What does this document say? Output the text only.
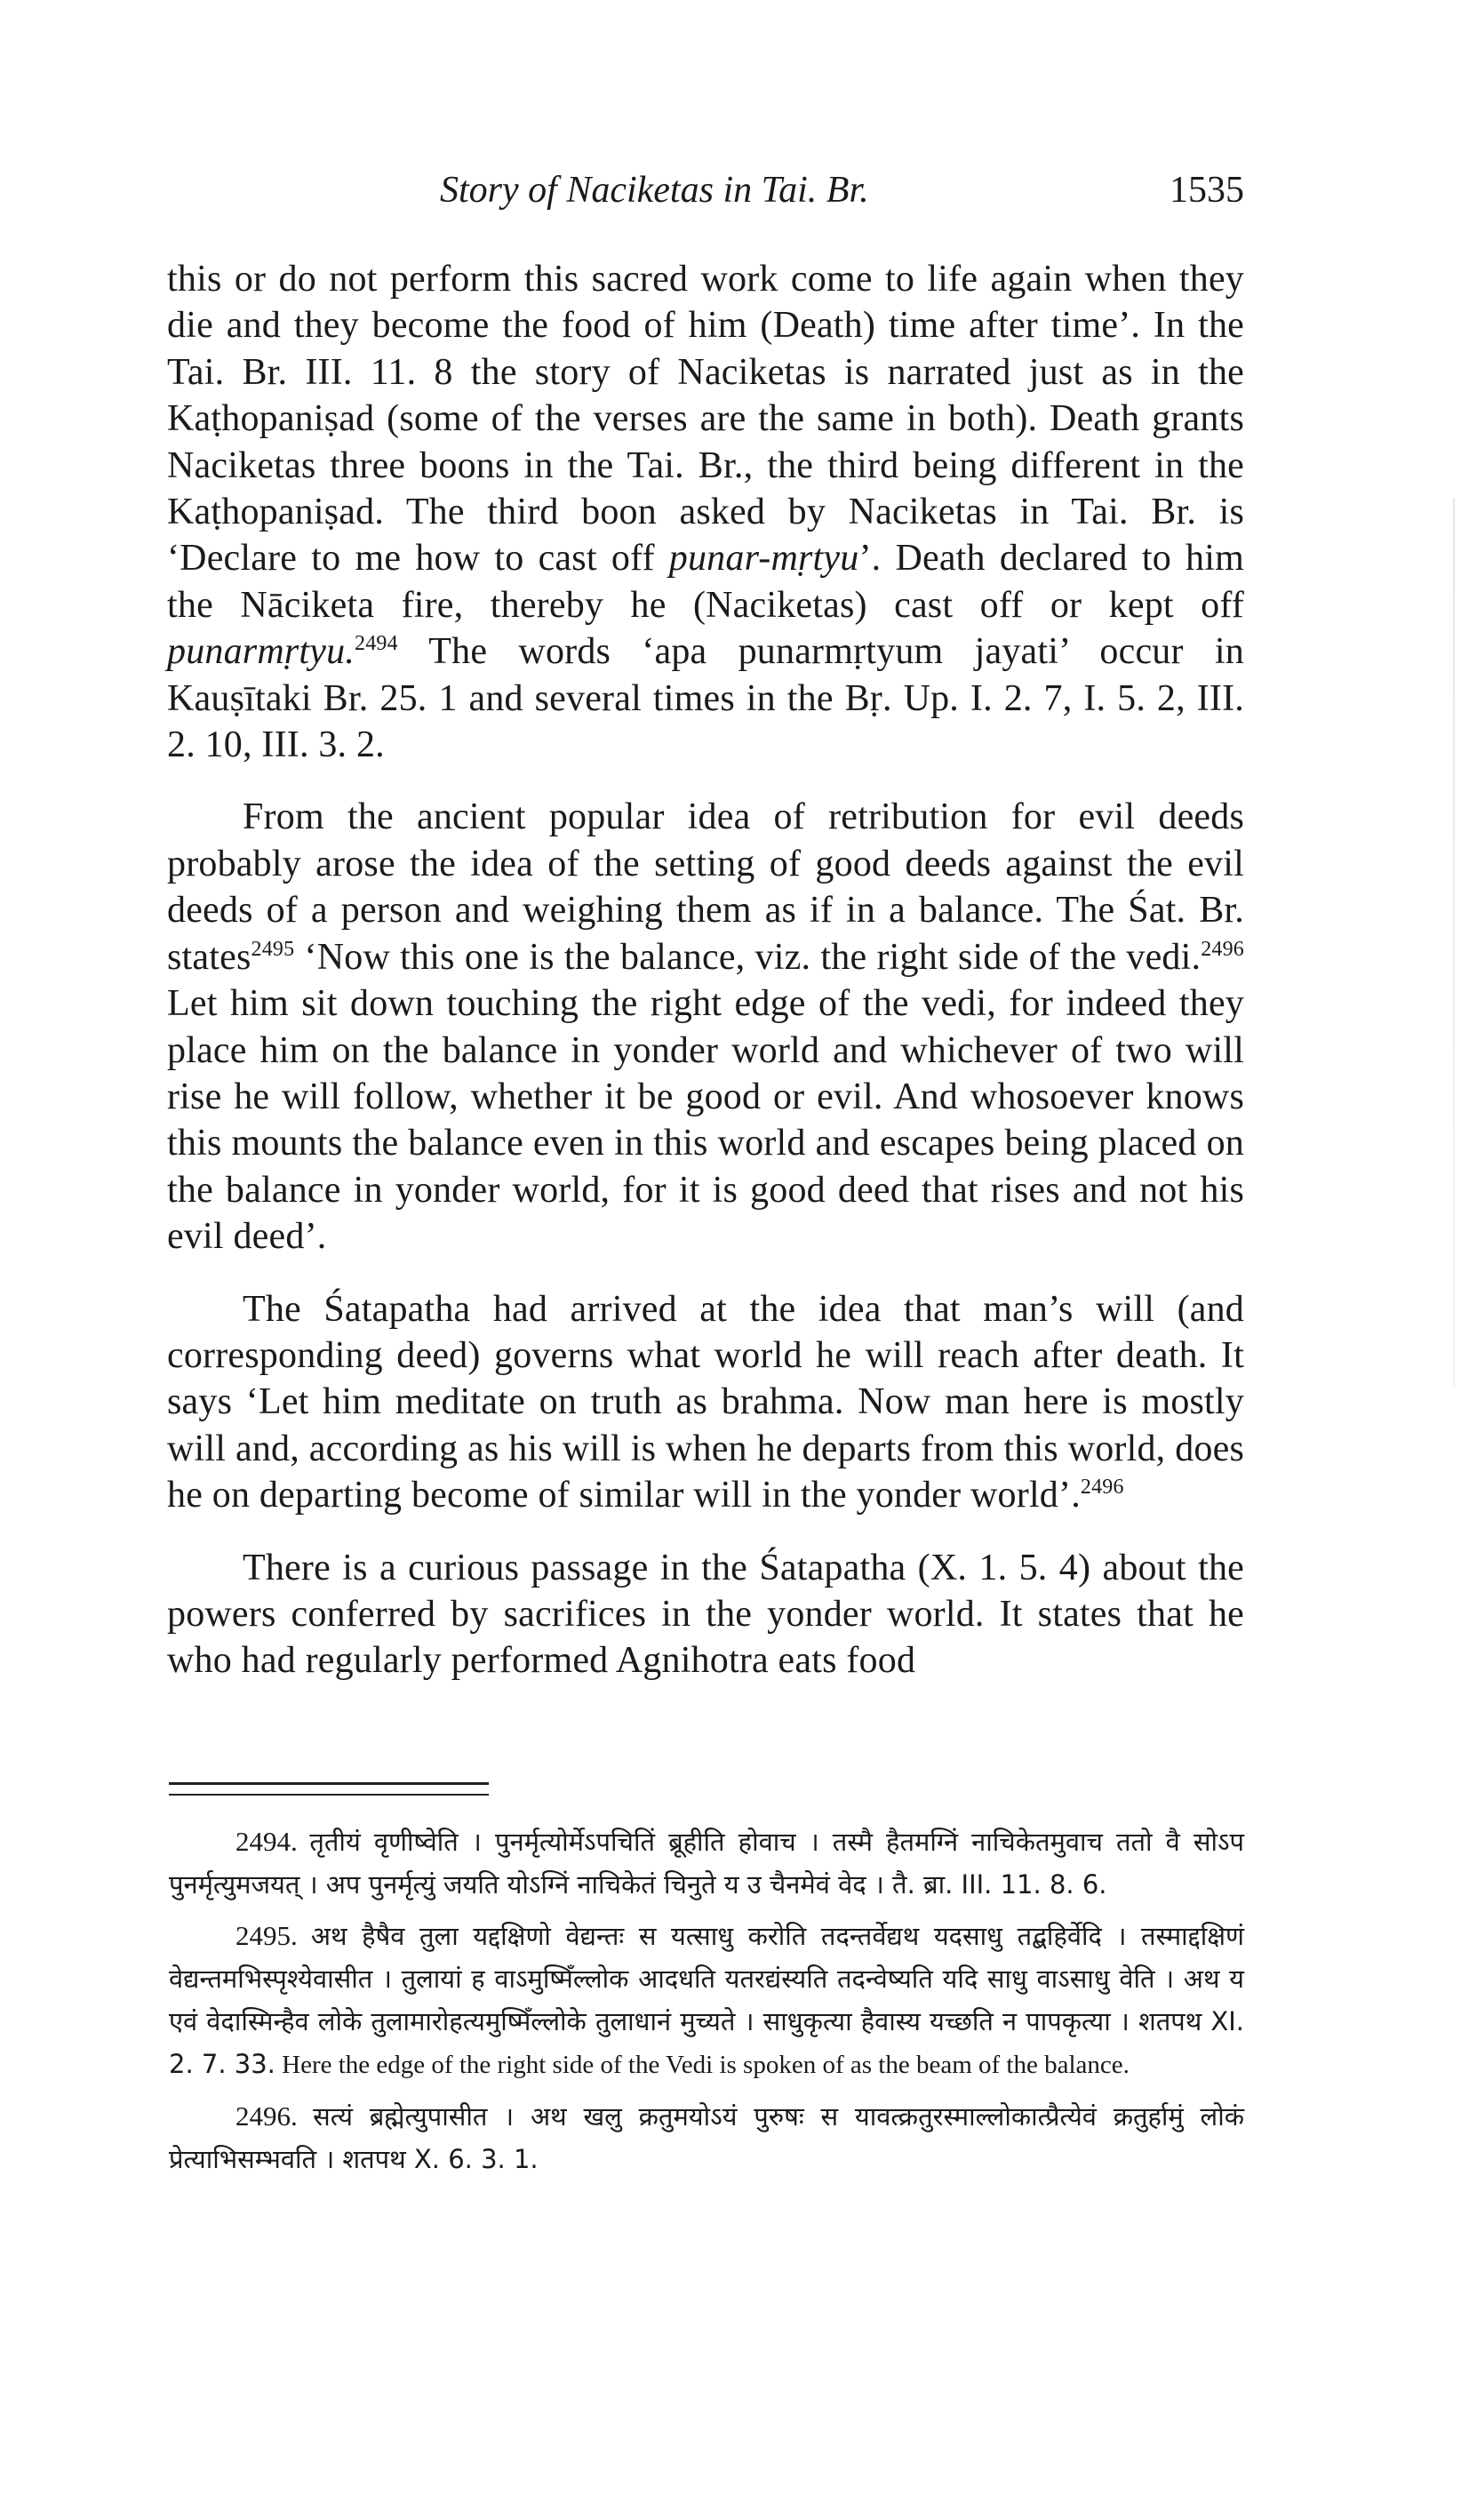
Story of Naciketas in Tai. Br.	1535

this or do not perform this sacred work come to life again when they die and they become the food of him (Death) time after time’. In the Tai. Br. III. 11. 8 the story of Naciketas is narrated just as in the Kaṭhopaniṣad (some of the verses are the same in both). Death grants Naciketas three boons in the Tai. Br., the third being different in the Kaṭhopaniṣad. The third boon asked by Naciketas in Tai. Br. is ‘Declare to me how to cast off punar-mṛtyu’. Death declared to him the Nāciketa fire, thereby he (Naciketas) cast off or kept off punarmṛtyu.$^{2494}$ The words ‘apa punarmṛtyum jayati’ occur in Kauṣītaki Br. 25. 1 and several times in the Bṛ. Up. I. 2. 7, I. 5. 2, III. 2. 10, III. 3. 2.

From the ancient popular idea of retribution for evil deeds probably arose the idea of the setting of good deeds against the evil deeds of a person and weighing them as if in a balance. The Śat. Br. states$^{2495}$ ‘Now this one is the balance, viz. the right side of the vedi.$^{2496}$ Let him sit down touching the right edge of the vedi, for indeed they place him on the balance in yonder world and whichever of two will rise he will follow, whether it be good or evil. And whosoever knows this mounts the balance even in this world and escapes being placed on the balance in yonder world, for it is good deed that rises and not his evil deed’.

The Śatapatha had arrived at the idea that man’s will (and corresponding deed) governs what world he will reach after death. It says ‘Let him meditate on truth as brahma. Now man here is mostly will and, according as his will is when he departs from this world, does he on departing become of similar will in the yonder world’.$^{2496}$

There is a curious passage in the Śatapatha (X. 1. 5. 4) about the powers conferred by sacrifices in the yonder world. It states that he who had regularly performed Agnihotra eats food

2494. तृतीयं वृणीष्वेति । पुनर्मृत्योर्मेऽपचितिं ब्रूहीति होवाच । तस्मै हैतमग्निं नाचिकेतमुवाच ततो वै सोऽप पुनर्मृत्युमजयत् । अप पुनर्मृत्युं जयति योऽग्निं नाचिकेतं चिनुते य उ चैनमेवं वेद । तै. ब्रा. III. 11. 8. 6.

2495. अथ हैषैव तुला यद्दक्षिणो वेद्यन्तः स यत्साधु करोति तदन्तर्वेद्यथ यदसाधु तद्बहिर्वेदि । तस्माद्दक्षिणं वेद्यन्तमभिस्पृश्येवासीत । तुलायां ह वाऽमुष्मिँल्लोक आदधति यतरद्यंस्यति तदन्वेष्यति यदि साधु वाऽसाधु वेति । अथ य एवं वेदास्मिन्हैव लोके तुलामारोहत्यमुष्मिँल्लोके तुलाधानं मुच्यते । साधुकृत्या हैवास्य यच्छति न पापकृत्या । शतपथ XI. 2. 7. 33. Here the edge of the right side of the Vedi is spoken of as the beam of the balance.

2496. सत्यं ब्रह्मेत्युपासीत । अथ खलु क्रतुमयोऽयं पुरुषः स यावत्क्रतुरस्माल्लोकात्प्रैत्येवं क्रतुर्हामुं लोकं प्रेत्याभिसम्भवति । शतपथ X. 6. 3. 1.
